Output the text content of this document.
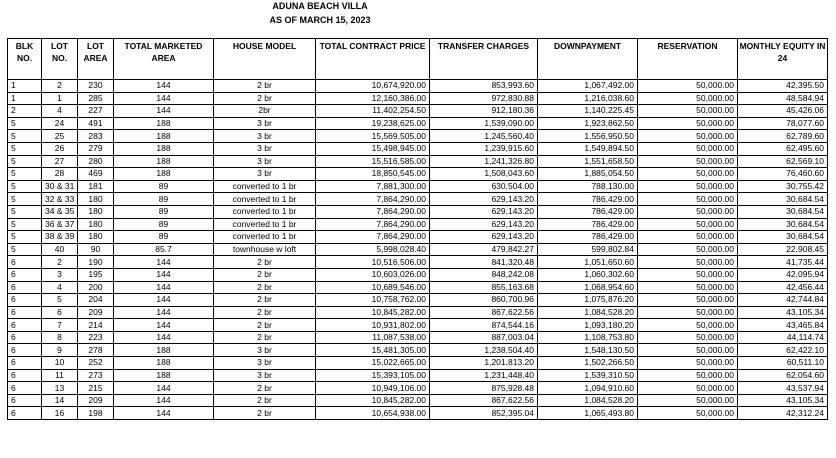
ADUNA BEACH VILLA
AS OF MARCH 15, 2023
BLK NO.	LOT NO.	LOT AREA	TOTAL MARKETED AREA	HOUSE MODEL	TOTAL CONTRACT PRICE	TRANSFER CHARGES	DOWNPAYMENT	RESERVATION	MONTHLY EQUITY IN 24
1	2	230	144	2 br	10,674,920.00	853,993.60	1,067,492.00	50,000.00	42,395.50
1	1	285	144	2 br	12,160,386.00	972,830.88	1,216,038.60	50,000.00	48,584.94
2	4	227	144	2br	11,402,254.50	912,180.36	1,140,225.45	50,000.00	45,426.06
5	24	491	188	3 br	19,238,625.00	1,539,090.00	1,923,862.50	50,000.00	78,077.60
5	25	283	188	3 br	15,569,505.00	1,245,560.40	1,556,950.50	50,000.00	62,789.60
5	26	279	188	3 br	15,498,945.00	1,239,915.60	1,549,894.50	50,000.00	62,495.60
5	27	280	188	3 br	15,516,585.00	1,241,326.80	1,551,658.50	50,000.00	62,569.10
5	28	469	188	3 br	18,850,545.00	1,508,043.60	1,885,054.50	50,000.00	76,460.60
5	30 & 31	181	89	converted to 1 br	7,881,300.00	630,504.00	788,130.00	50,000.00	30,755.42
5	32 & 33	180	89	converted to 1 br	7,864,290.00	629,143.20	786,429.00	50,000.00	30,684.54
5	34 & 35	180	89	converted to 1 br	7,864,290.00	629,143.20	786,429.00	50,000.00	30,684.54
5	36 & 37	180	89	converted to 1 br	7,864,290.00	629,143.20	786,429.00	50,000.00	30,684.54
5	38 & 39	180	89	converted to 1 br	7,864,290.00	629,143.20	786,429.00	50,000.00	30,684.54
5	40	90	85.7	townhouse w loft	5,998,028.40	479,842.27	599,802.84	50,000.00	22,908.45
6	2	190	144	2 br	10,516,506.00	841,320.48	1,051,650.60	50,000.00	41,735.44
6	3	195	144	2 br	10,603,026.00	848,242.08	1,060,302.60	50,000.00	42,095.94
6	4	200	144	2 br	10,689,546.00	855,163.68	1,068,954.60	50,000.00	42,456.44
6	5	204	144	2 br	10,758,762.00	860,700.96	1,075,876.20	50,000.00	42,744.84
6	6	209	144	2 br	10,845,282.00	867,622.56	1,084,528.20	50,000.00	43,105.34
6	7	214	144	2 br	10,931,802.00	874,544.16	1,093,180.20	50,000.00	43,465.84
6	8	223	144	2 br	11,087,538.00	887,003.04	1,108,753.80	50,000.00	44,114.74
6	9	278	188	3 br	15,481,305.00	1,238,504.40	1,548,130.50	50,000.00	62,422.10
6	10	252	188	3 br	15,022,665.00	1,201,813.20	1,502,266.50	50,000.00	60,511.10
6	11	273	188	3 br	15,393,105.00	1,231,448.40	1,539,310.50	50,000.00	62,054.60
6	13	215	144	2 br	10,949,106.00	875,928.48	1,094,910.60	50,000.00	43,537.94
6	14	209	144	2 br	10,845,282.00	867,622.56	1,084,528.20	50,000.00	43,105.34
6	16	198	144	2 br	10,654,938.00	852,395.04	1,065,493.80	50,000.00	42,312.24
